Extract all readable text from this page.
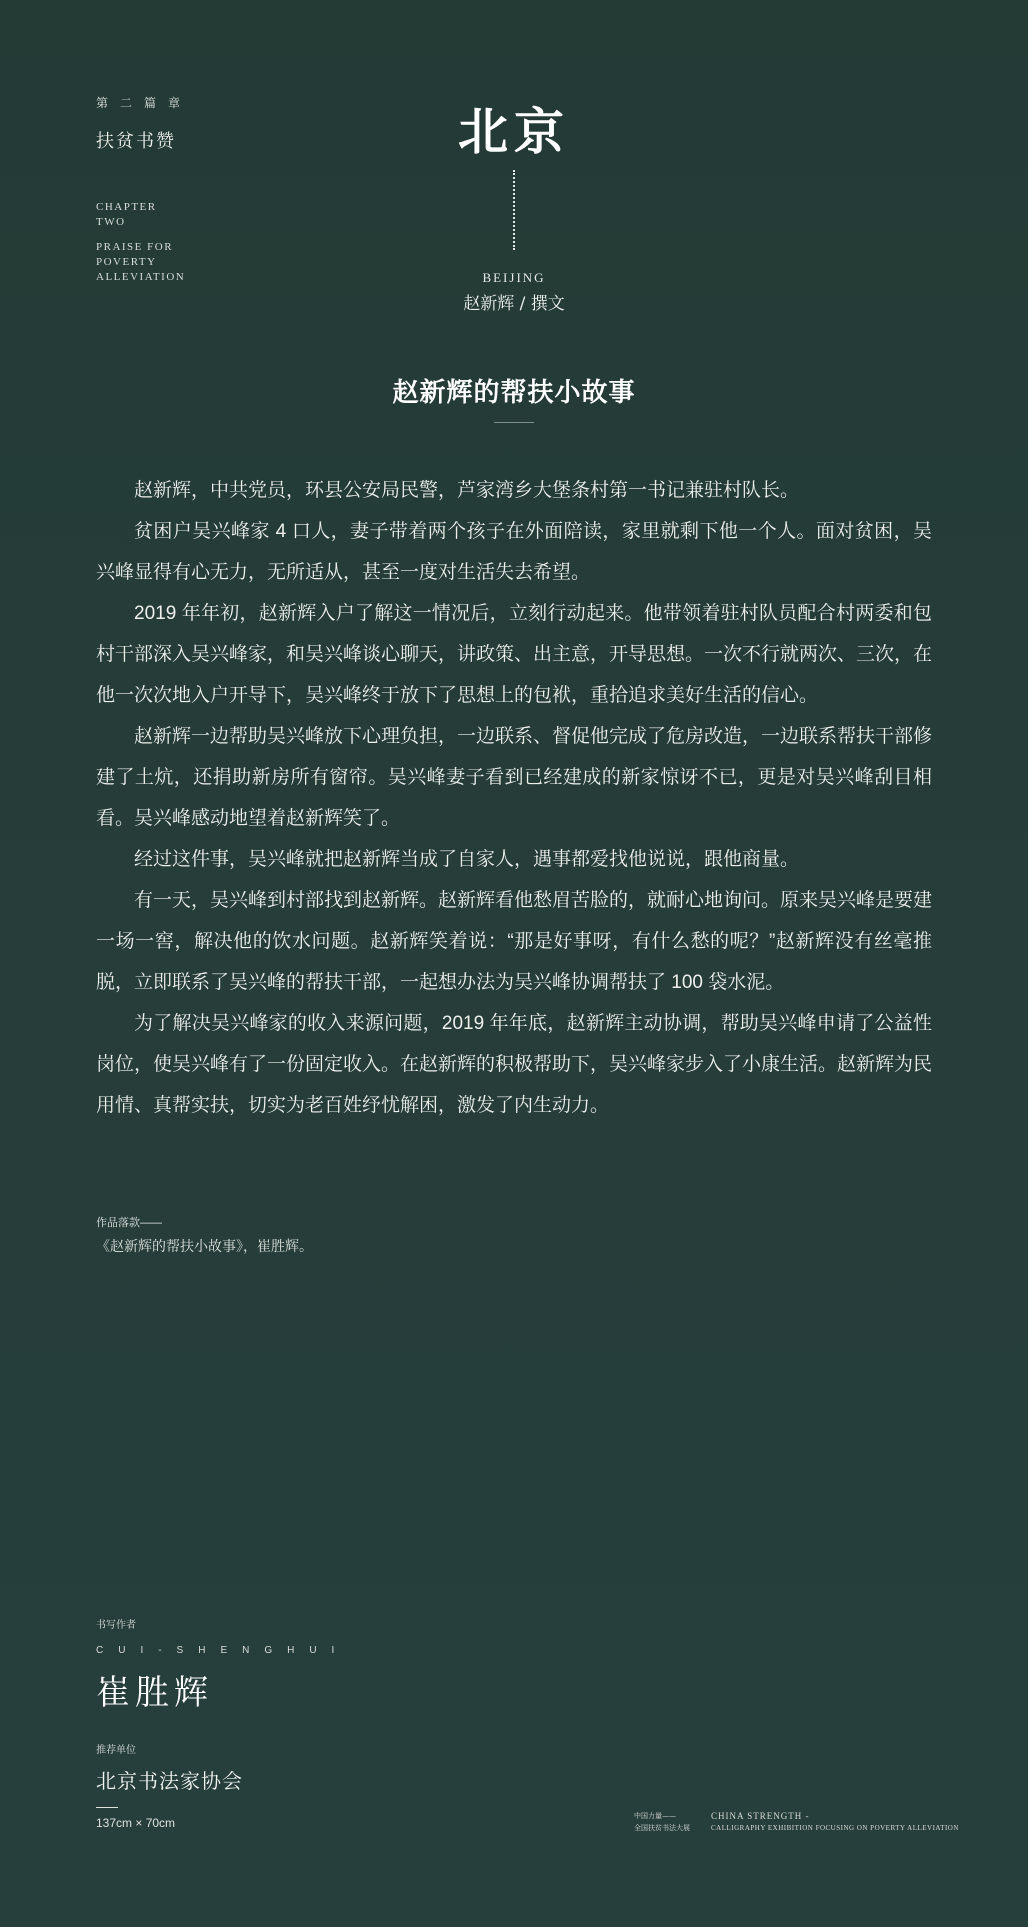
第二篇章
扶贫书赞
CHAPTER
TWO
PRAISE FOR
POVERTY
ALLEVIATION
北京
BEIJING
赵新辉 / 撰文
赵新辉的帮扶小故事

赵新辉，中共党员，环县公安局民警，芦家湾乡大堡条村第一书记兼驻村队长。

贫困户吴兴峰家 4 口人，妻子带着两个孩子在外面陪读，家里就剩下他一个人。面对贫困，吴兴峰显得有心无力，无所适从，甚至一度对生活失去希望。

2019 年年初，赵新辉入户了解这一情况后，立刻行动起来。他带领着驻村队员配合村两委和包村干部深入吴兴峰家，和吴兴峰谈心聊天，讲政策、出主意，开导思想。一次不行就两次、三次，在他一次次地入户开导下，吴兴峰终于放下了思想上的包袱，重拾追求美好生活的信心。

赵新辉一边帮助吴兴峰放下心理负担，一边联系、督促他完成了危房改造，一边联系帮扶干部修建了土炕，还捐助新房所有窗帘。吴兴峰妻子看到已经建成的新家惊讶不已，更是对吴兴峰刮目相看。吴兴峰感动地望着赵新辉笑了。

经过这件事，吴兴峰就把赵新辉当成了自家人，遇事都爱找他说说，跟他商量。

有一天，吴兴峰到村部找到赵新辉。赵新辉看他愁眉苦脸的，就耐心地询问。原来吴兴峰是要建一场一窖，解决他的饮水问题。赵新辉笑着说：“那是好事呀，有什么愁的呢？”赵新辉没有丝毫推脱，立即联系了吴兴峰的帮扶干部，一起想办法为吴兴峰协调帮扶了 100 袋水泥。

为了解决吴兴峰家的收入来源问题，2019 年年底，赵新辉主动协调，帮助吴兴峰申请了公益性岗位，使吴兴峰有了一份固定收入。在赵新辉的积极帮助下，吴兴峰家步入了小康生活。赵新辉为民用情、真帮实扶，切实为老百姓纾忧解困，激发了内生动力。

作品落款——
《赵新辉的帮扶小故事》，崔胜辉。
书写作者
CUI-SHENGHUI
崔胜辉
推荐单位
北京书法家协会
137cm × 70cm	中国力量——
全国扶贫书法大展
CHINA STRENGTH -
CALLIGRAPHY EXHIBITION FOCUSING ON POVERTY ALLEVIATION
